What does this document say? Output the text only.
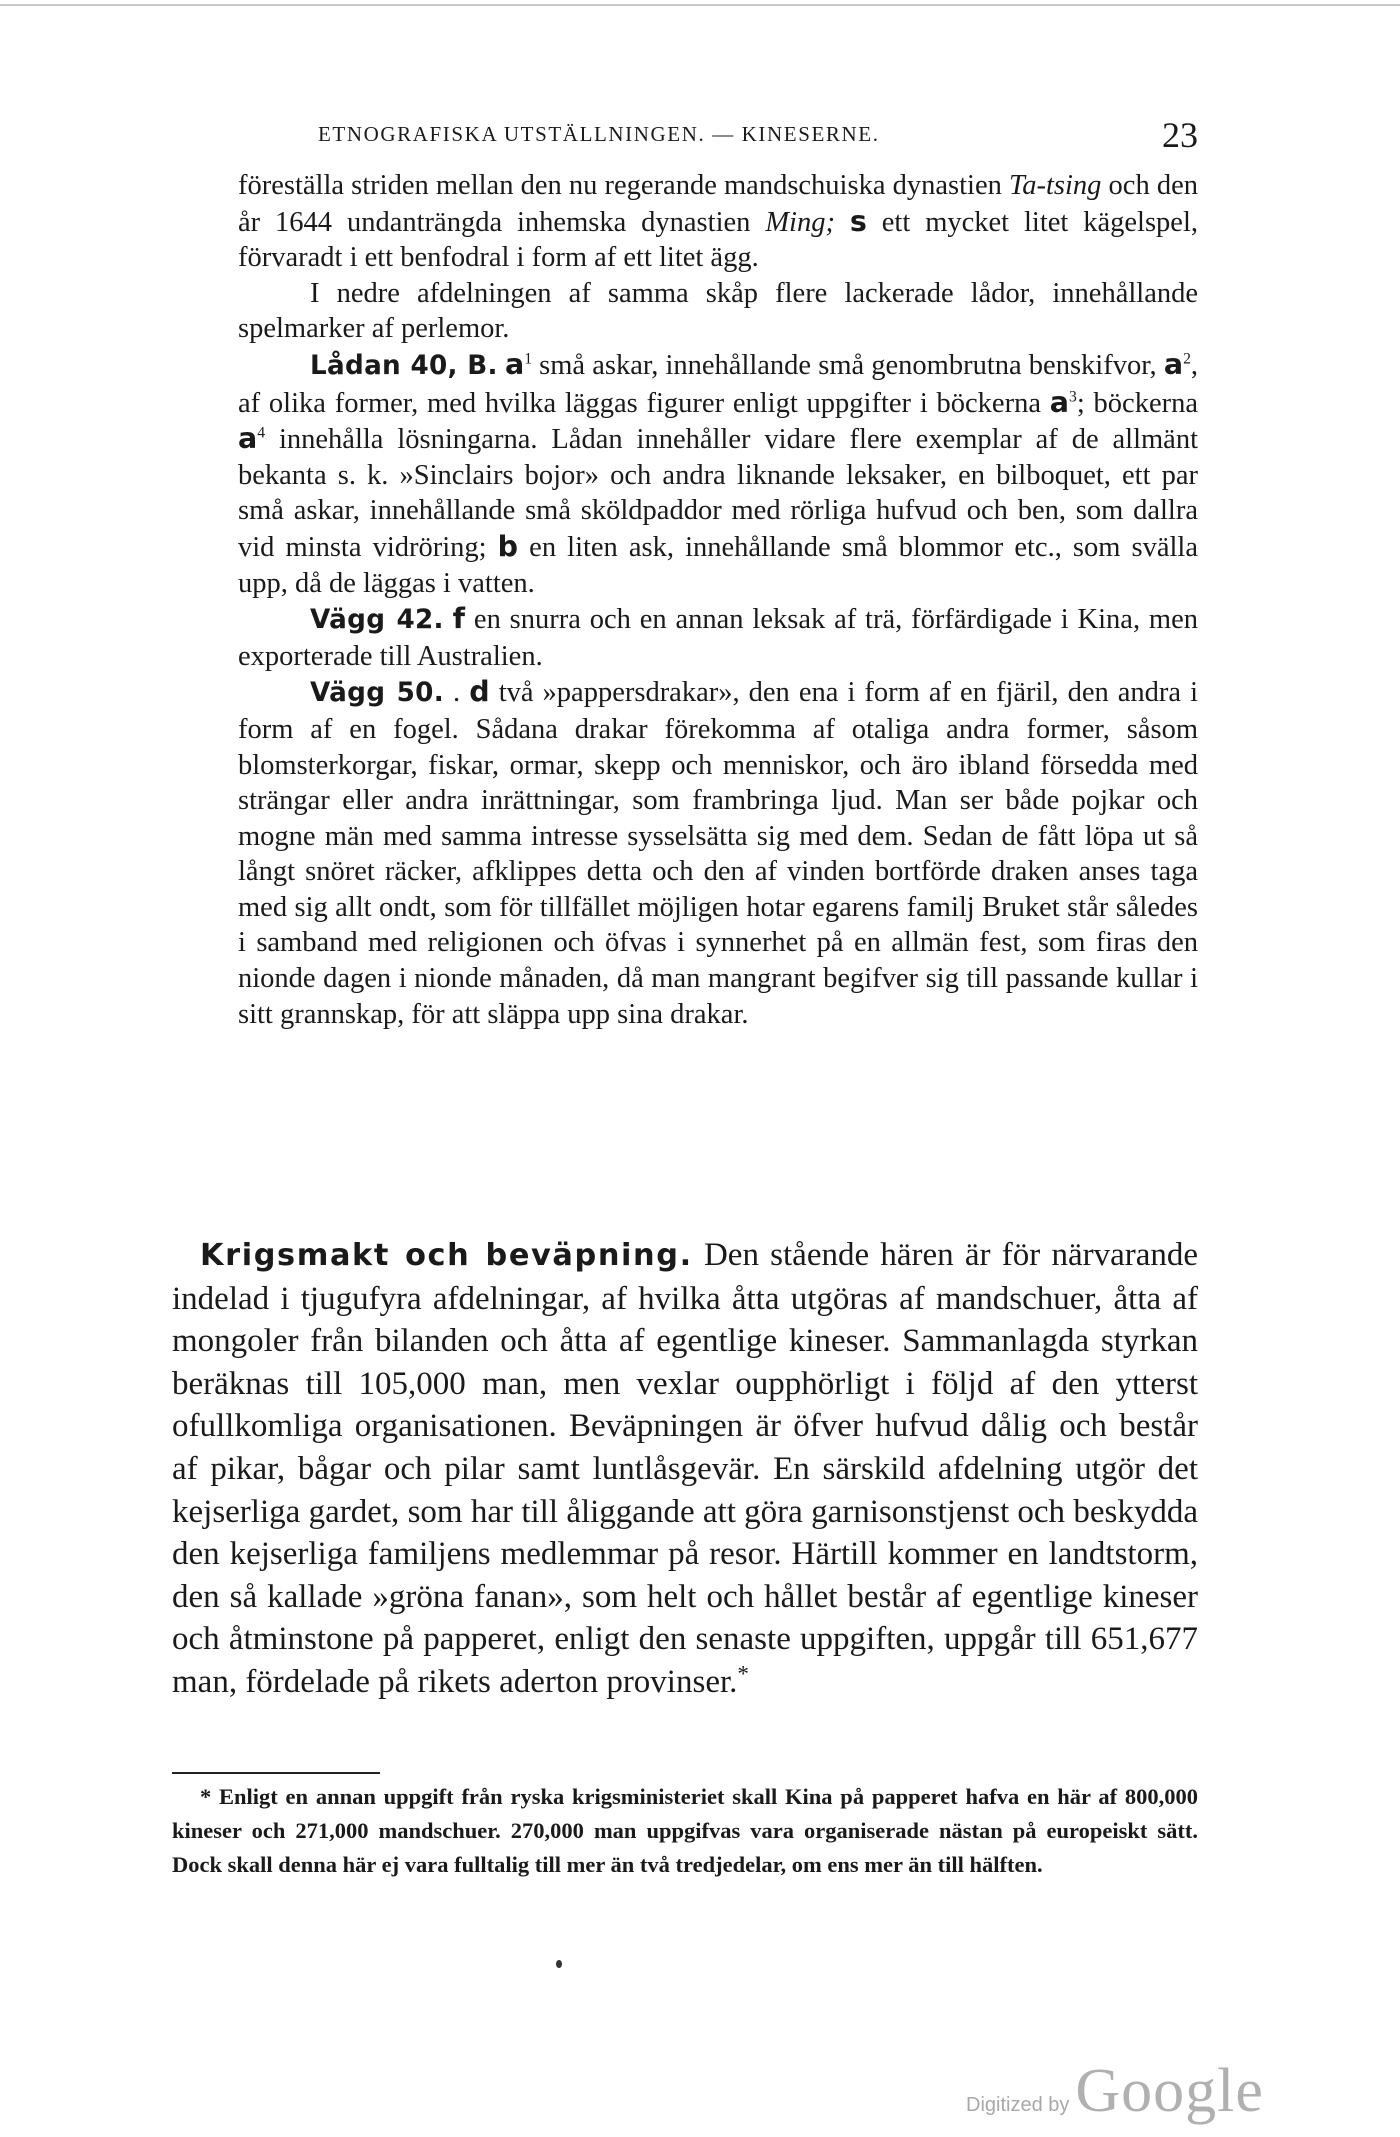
ETNOGRAFISKA UTSTÄLLNINGEN. — KINESERNE.	23

föreställa striden mellan den nu regerande mandschuiska dynastien Ta-tsing och den år 1644 undanträngda inhemska dynastien Ming; s ett mycket litet kägelspel, förvaradt i ett benfodral i form af ett litet ägg.

I nedre afdelningen af samma skåp flere lackerade lådor, innehållande spelmarker af perlemor.

Lådan 40, B. $a^1$ små askar, innehållande små genombrutna benskifvor, $a^2$, af olika former, med hvilka läggas figurer enligt uppgifter i böckerna $a^3$; böckerna $a^4$ innehålla lösningarna. Lådan innehåller vidare flere exemplar af de allmänt bekanta s. k. »Sinclairs bojor» och andra liknande leksaker, en bilboquet, ett par små askar, innehållande små sköldpaddor med rörliga hufvud och ben, som dallra vid minsta vidröring; b en liten ask, innehållande små blommor etc., som svälla upp, då de läggas i vatten.

Vägg 42. f en snurra och en annan leksak af trä, förfärdigade i Kina, men exporterade till Australien.

Vägg 50. . d två »pappersdrakar», den ena i form af en fjäril, den andra i form af en fogel. Sådana drakar förekomma af otaliga andra former, såsom blomsterkorgar, fiskar, ormar, skepp och menniskor, och äro ibland försedda med strängar eller andra inrättningar, som frambringa ljud. Man ser både pojkar och mogne män med samma intresse sysselsätta sig med dem. Sedan de fått löpa ut så långt snöret räcker, afklippes detta och den af vinden bortförde draken anses taga med sig allt ondt, som för tillfället möjligen hotar egarens familj Bruket står således i samband med religionen och öfvas i synnerhet på en allmän fest, som firas den nionde dagen i nionde månaden, då man mangrant begifver sig till passande kullar i sitt grannskap, för att släppa upp sina drakar.

Krigsmakt och beväpning. Den stående hären är för närvarande indelad i tjugufyra afdelningar, af hvilka åtta utgöras af mandschuer, åtta af mongoler från bilanden och åtta af egentlige kineser. Sammanlagda styrkan beräknas till 105,000 man, men vexlar oupphörligt i följd af den ytterst ofullkomliga organisationen. Beväpningen är öfver hufvud dålig och består af pikar, bågar och pilar samt luntlåsgevär. En särskild afdelning utgör det kejserliga gardet, som har till åliggande att göra garnisonstjenst och beskydda den kejserliga familjens medlemmar på resor. Härtill kommer en landtstorm, den så kallade »gröna fanan», som helt och hållet består af egentlige kineser och åtminstone på papperet, enligt den senaste uppgiften, uppgår till 651,677 man, fördelade på rikets aderton provinser.*

* Enligt en annan uppgift från ryska krigsministeriet skall Kina på papperet hafva en här af 800,000 kineser och 271,000 mandschuer. 270,000 man uppgifvas vara organiserade nästan på europeiskt sätt. Dock skall denna här ej vara fulltalig till mer än två tredjedelar, om ens mer än till hälften.

Digitized by Google
